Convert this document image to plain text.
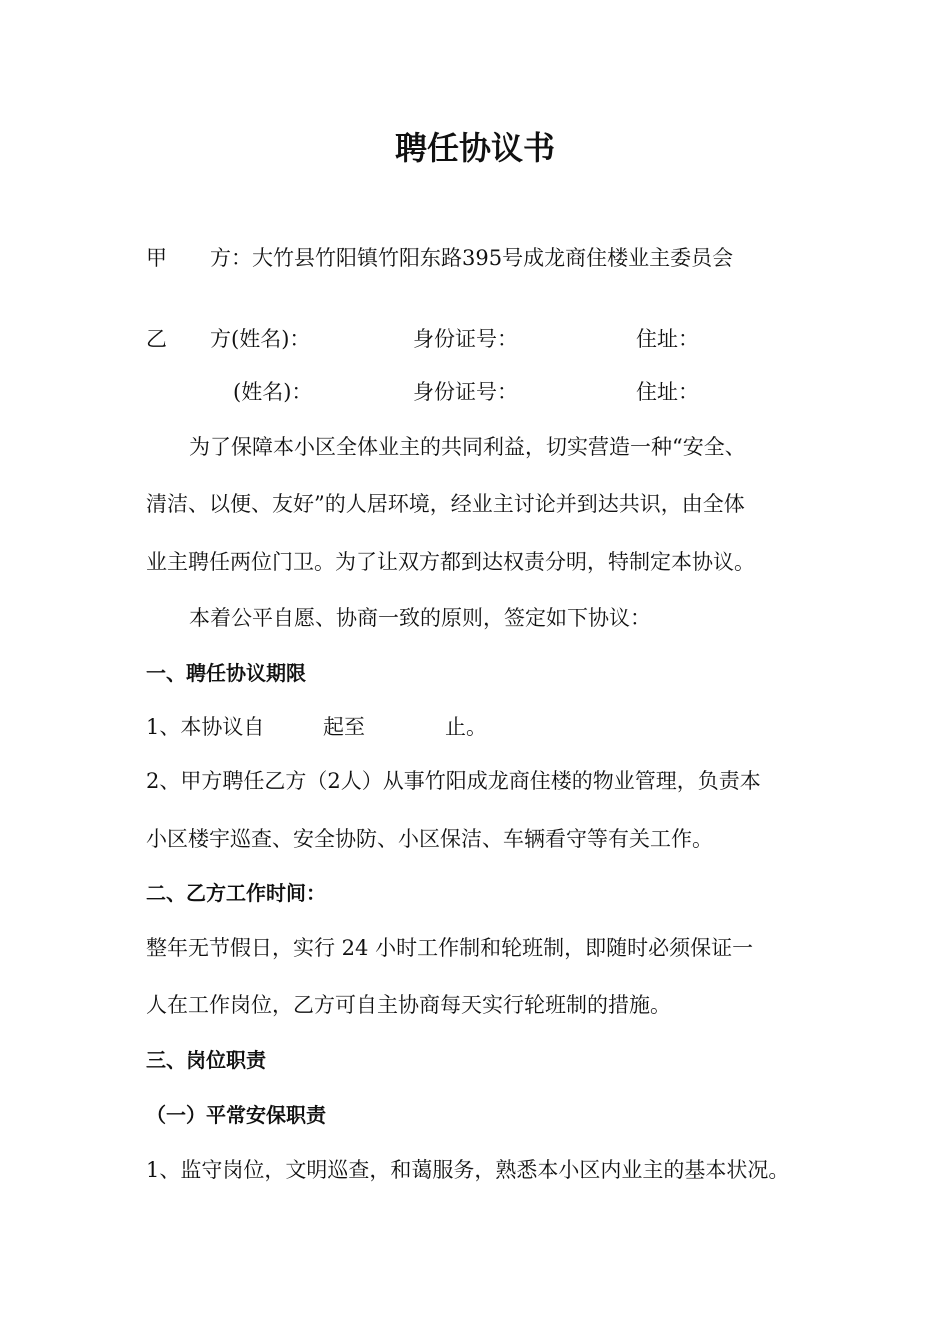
聘任协议书
甲 方：大竹县竹阳镇竹阳东路395号成龙商住楼业主委员会
乙 方(姓名)：	身份证号：	住址：
(姓名)：	身份证号：	住址：
为了保障本小区全体业主的共同利益，切实营造一种“安全、
清洁、以便、友好”的人居环境，经业主讨论并到达共识，由全体
业主聘任两位门卫。为了让双方都到达权责分明，特制定本协议。
本着公平自愿、协商一致的原则，签定如下协议：
一、聘任协议期限
1、本协议自	起至	止。
2、甲方聘任乙方（2人）从事竹阳成龙商住楼的物业管理，负责本
小区楼宇巡查、安全协防、小区保洁、车辆看守等有关工作。
二、乙方工作时间：
整年无节假日，实行 24 小时工作制和轮班制，即随时必须保证一
人在工作岗位，乙方可自主协商每天实行轮班制的措施。
三、岗位职责
（一）平常安保职责
1、监守岗位，文明巡查，和蔼服务，熟悉本小区内业主的基本状况。
